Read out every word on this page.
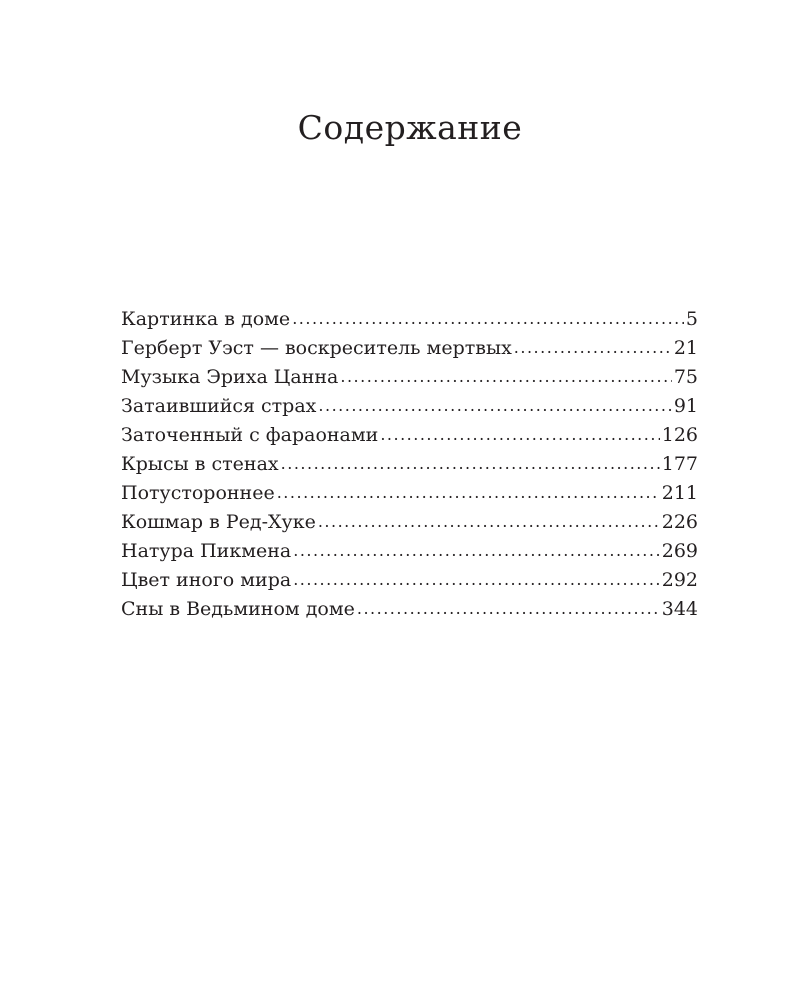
Содержание
Картинка в доме .....	5
Герберт Уэст — воскреситель мертвых .....	21
Музыка Эриха Цанна .....	75
Затаившийся страх .....	91
Заточенный с фараонами .....	126
Крысы в стенах .....	177
Потустороннее .....	211
Кошмар в Ред-Хуке .....	226
Натура Пикмена .....	269
Цвет иного мира .....	292
Сны в Ведьмином доме .....	344
